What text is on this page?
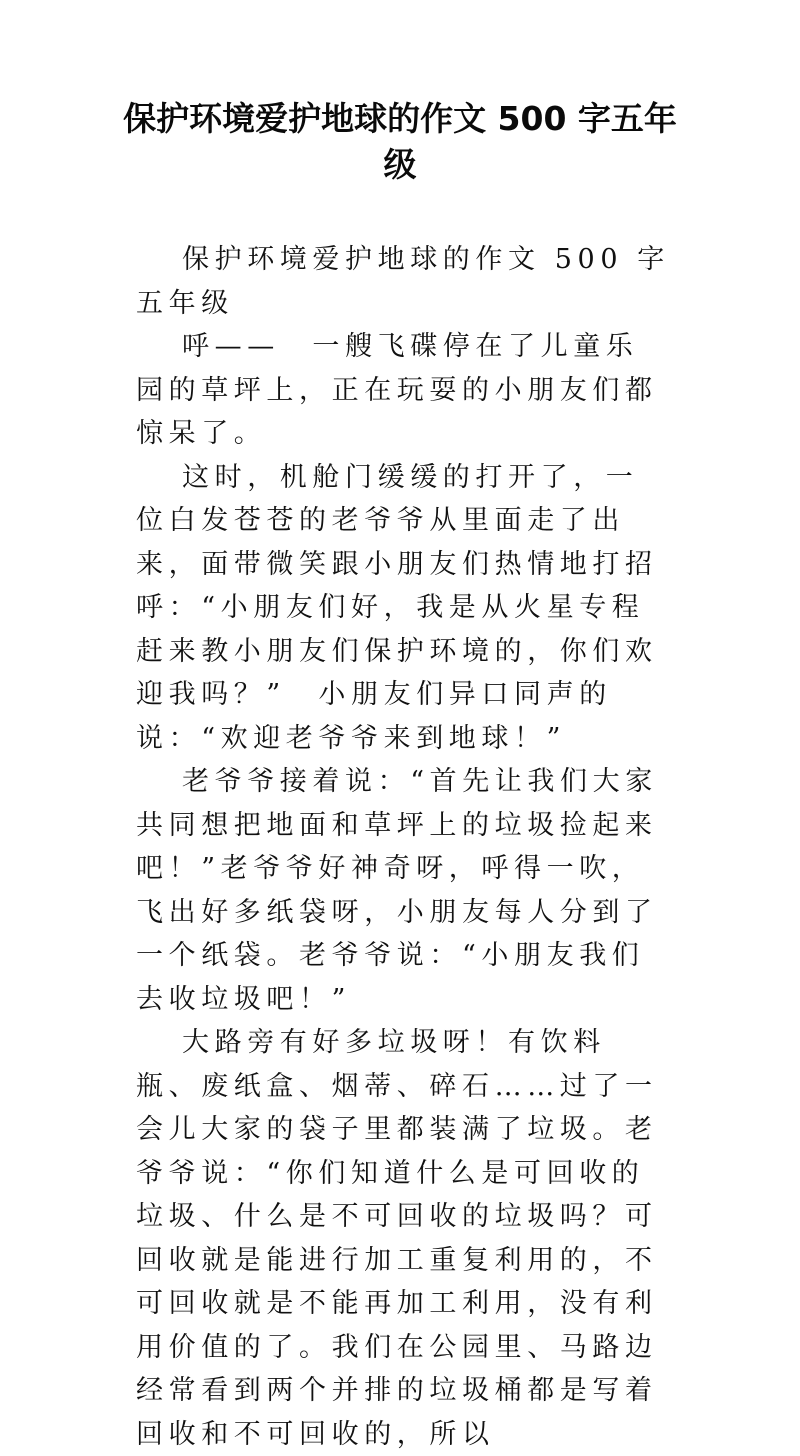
保护环境爱护地球的作文 500 字五年级

保护环境爱护地球的作文 500 字五年级

呼——　一艘飞碟停在了儿童乐园的草坪上，正在玩耍的小朋友们都惊呆了。

这时，机舱门缓缓的打开了，一位白发苍苍的老爷爷从里面走了出来，面带微笑跟小朋友们热情地打招呼：“小朋友们好，我是从火星专程赶来教小朋友们保护环境的，你们欢迎我吗？”　小朋友们异口同声的说：“欢迎老爷爷来到地球！”

老爷爷接着说：“首先让我们大家共同想把地面和草坪上的垃圾捡起来吧！”老爷爷好神奇呀，呼得一吹，飞出好多纸袋呀，小朋友每人分到了一个纸袋。老爷爷说：“小朋友我们去收垃圾吧！”

大路旁有好多垃圾呀！有饮料瓶、废纸盒、烟蒂、碎石……过了一会儿大家的袋子里都装满了垃圾。老爷爷说：“你们知道什么是可回收的垃圾、什么是不可回收的垃圾吗？可回收就是能进行加工重复利用的，不可回收就是不能再加工利用，没有利用价值的了。我们在公园里、马路边经常看到两个并排的垃圾桶都是写着回收和不可回收的，所以
